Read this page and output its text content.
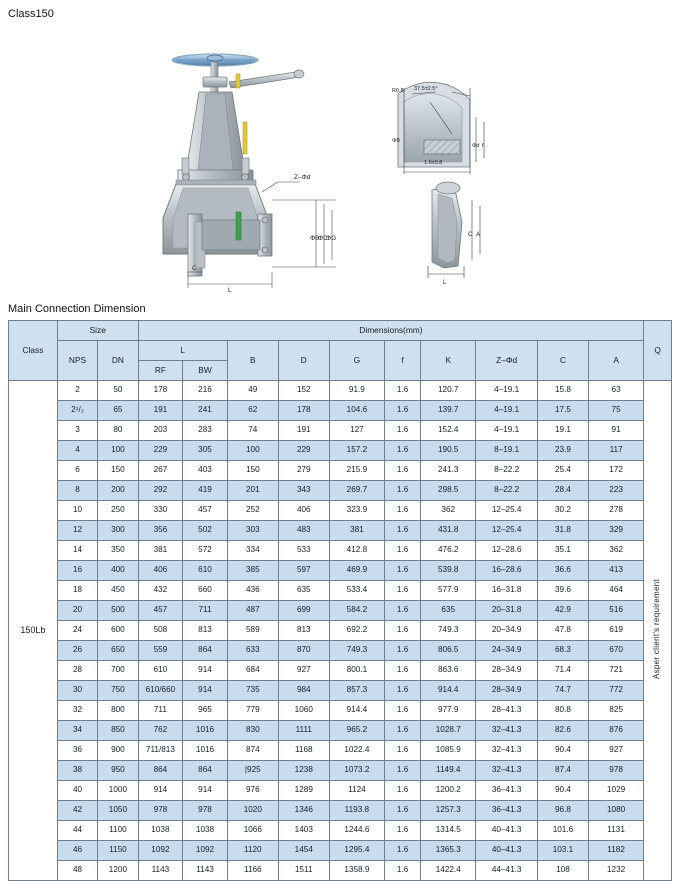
Class150
Z–Φd
ΦB
ΦC
ΦG
C
L
R0.8 37.5±2.5°
ΦB
1.6±0.8
Φd f
C A
L
Main Connection Dimension
Class	Size		Dimensions(mm)										Q
	NPS	DN	L		B	D	G	f	K	Z–Φd	C	A	
			RF	BW									
150Lb	2	50	178	216	49	152	91.9	1.6	120.7	4–19.1	15.8	63	Asper client's requirement
	2¹/₂	65	191	241	62	178	104.6	1.6	139.7	4–19.1	17.5	75	
	3	80	203	283	74	191	127	1.6	152.4	4–19.1	19.1	91	
	4	100	229	305	100	229	157.2	1.6	190.5	8–19.1	23.9	117	
	6	150	267	403	150	279	215.9	1.6	241.3	8–22.2	25.4	172	
	8	200	292	419	201	343	269.7	1.6	298.5	8–22.2	28.4	223	
	10	250	330	457	252	406	323.9	1.6	362	12–25.4	30.2	278	
	12	300	356	502	303	483	381	1.6	431.8	12–25.4	31.8	329	
	14	350	381	572	334	533	412.8	1.6	476.2	12–28.6	35.1	362	
	16	400	406	610	385	597	469.9	1.6	539.8	16–28.6	36.6	413	
	18	450	432	660	436	635	533.4	1.6	577.9	16–31.8	39.6	464	
	20	500	457	711	487	699	584.2	1.6	635	20–31.8	42.9	516	
	24	600	508	813	589	813	692.2	1.6	749.3	20–34.9	47.8	619	
	26	650	559	864	633	870	749.3	1.6	806.5	24–34.9	68.3	670	
	28	700	610	914	684	927	800.1	1.6	863.6	28–34.9	71.4	721	
	30	750	610/660	914	735	984	857.3	1.6	914.4	28–34.9	74.7	772	
	32	800	711	965	779	1060	914.4	1.6	977.9	28–41.3	80.8	825	
	34	850	762	1016	830	1111	965.2	1.6	1028.7	32–41.3	82.6	876	
	36	900	711/813	1016	874	1168	1022.4	1.6	1085.9	32–41.3	90.4	927	
	38	950	864	864	|925	1238	1073.2	1.6	1149.4	32–41.3	87.4	978	
	40	1000	914	914	976	1289	1124	1.6	1200.2	36–41.3	90.4	1029	
	42	1050	978	978	1020	1346	1193.8	1.6	1257.3	36–41.3	96.8	1080	
	44	1100	1038	1038	1066	1403	1244.6	1.6	1314.5	40–41.3	101.6	1131	
	46	1150	1092	1092	1120	1454	1295.4	1.6	1365.3	40–41.3	103.1	1182	
	48	1200	1143	1143	1166	1511	1358.9	1.6	1422.4	44–41.3	108	1232	
